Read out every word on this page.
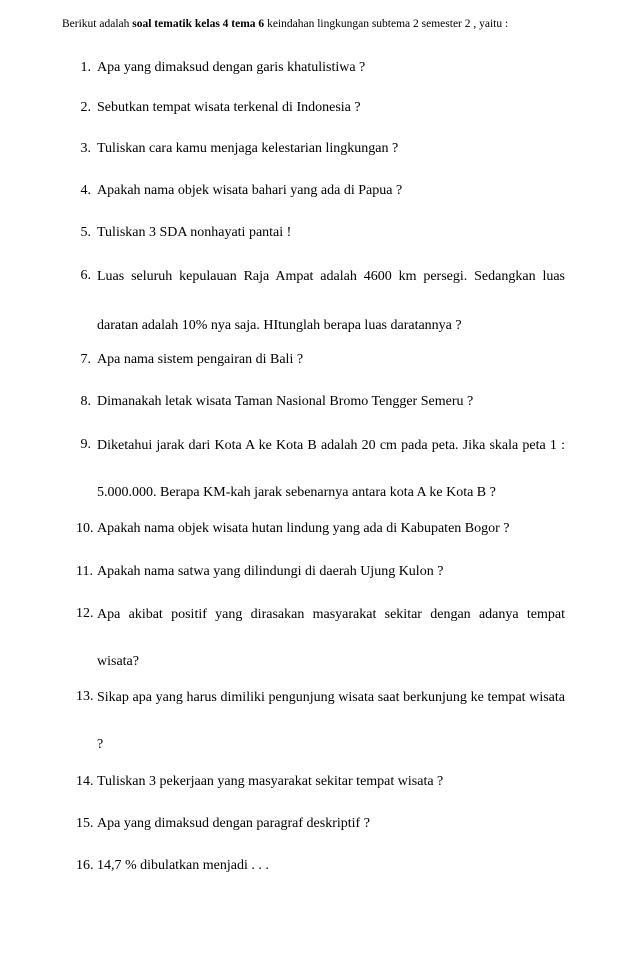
Berikut adalah soal tematik kelas 4 tema 6 keindahan lingkungan subtema 2 semester 2 , yaitu :
1. Apa yang dimaksud dengan garis khatulistiwa ?
2. Sebutkan tempat wisata terkenal di Indonesia ?
3. Tuliskan cara kamu menjaga kelestarian lingkungan ?
4. Apakah nama objek wisata bahari yang ada di Papua ?
5. Tuliskan 3 SDA nonhayati pantai !
6. Luas seluruh kepulauan Raja Ampat adalah 4600 km persegi. Sedangkan luas daratan adalah 10% nya saja. HItunglah berapa luas daratannya ?
7. Apa nama sistem pengairan di Bali ?
8. Dimanakah letak wisata Taman Nasional Bromo Tengger Semeru ?
9. Diketahui jarak dari Kota A ke Kota B adalah 20 cm pada peta. Jika skala peta 1 : 5.000.000. Berapa KM-kah jarak sebenarnya antara kota A ke Kota B ?
10. Apakah nama objek wisata hutan lindung yang ada di Kabupaten Bogor ?
11. Apakah nama satwa yang dilindungi di daerah Ujung Kulon ?
12. Apa akibat positif yang dirasakan masyarakat sekitar dengan adanya tempat wisata?
13. Sikap apa yang harus dimiliki pengunjung wisata saat berkunjung ke tempat wisata ?
14. Tuliskan 3 pekerjaan yang masyarakat sekitar tempat wisata ?
15. Apa yang dimaksud dengan paragraf deskriptif ?
16. 14,7 % dibulatkan menjadi . . .
